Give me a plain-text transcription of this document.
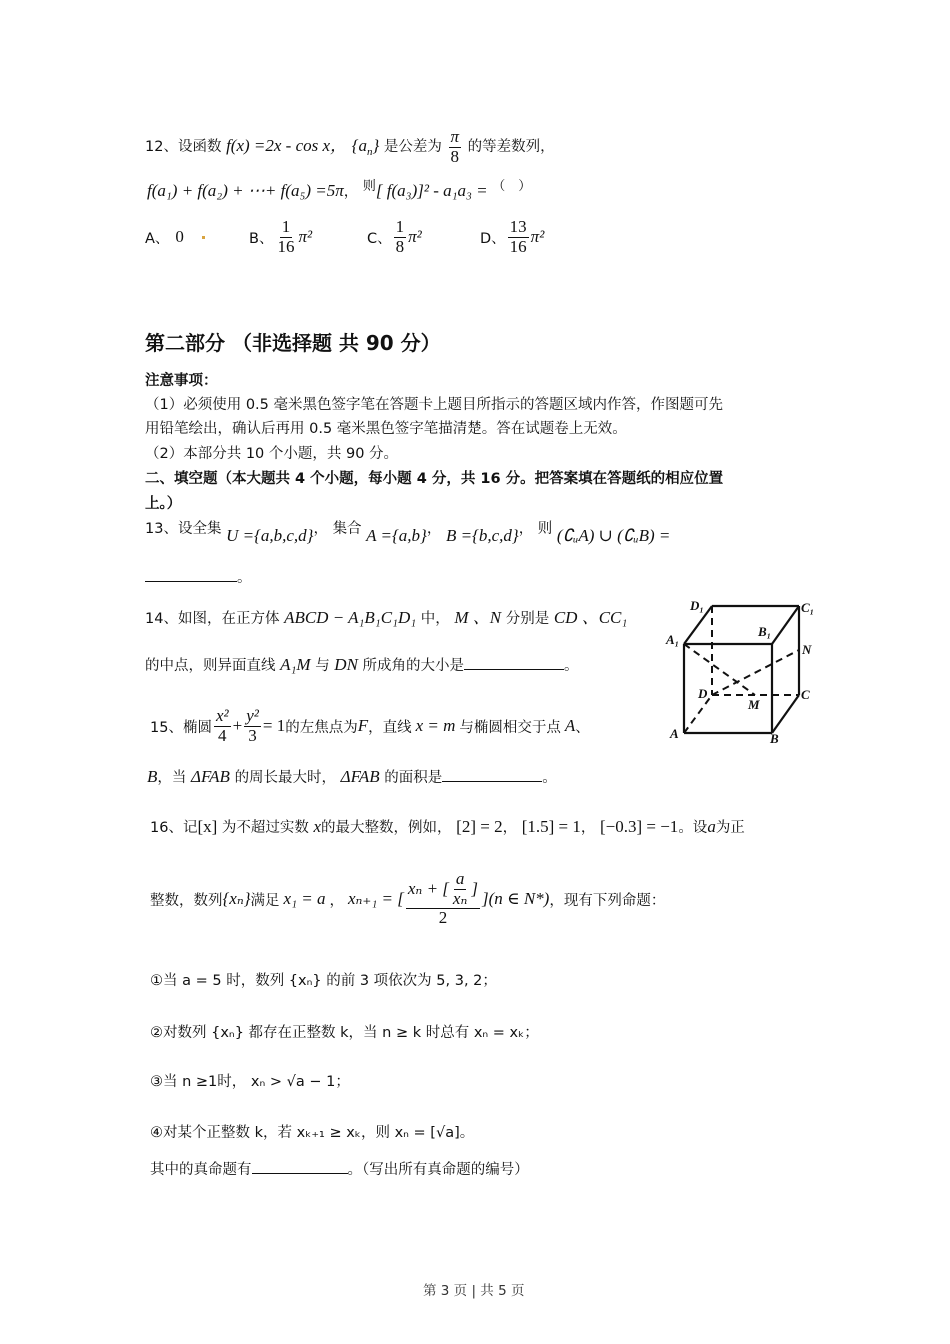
12、设函数 f(x) =2x - cos x， $\{a_n\}$ 是公差为 $\frac{\pi}{8}$ 的等差数列，
f(a₁) + f(a₂) + ⋯+ f(a₅) =5π， 则[ f(a₃)]² - a₁a₃ = （　）
A、 0	B、 $\frac{1}{16} \pi^2$	C、 $\frac{1}{8} \pi^2$	D、 $\frac{13}{16} \pi^2$
第二部分 （非选择题 共 90 分）
注意事项：
（1）必须使用 0.5 毫米黑色签字笔在答题卡上题目所指示的答题区域内作答，作图题可先
用铅笔绘出，确认后再用 0.5 毫米黑色签字笔描清楚。答在试题卷上无效。
（2）本部分共 10 个小题，共 90 分。
二、填空题（本大题共 4 个小题，每小题 4 分，共 16 分。把答案填在答题纸的相应位置
上。）
13、设全集 U ={a,b,c,d}， 集合 A ={a,b}， B ={b,c,d}， 则 (∁ᵤA) ∪ (∁ᵤB) =
。
14、如图，在正方体 ABCD − A₁B₁C₁D₁ 中， M 、N 分别是 CD 、CC₁
的中点，则异面直线 A₁M 与 DN 所成角的大小是	。
D₁	C₁
A₁
B₁
N
D	C
M
A	B
15、椭圆 $\frac{\text{x²}}{4} + \frac{\text{y²}}{3} = 1$ 的左焦点为 F ，直线 x = m 与椭圆相交于点 A 、
B，当 ΔFAB 的周长最大时， ΔFAB 的面积是	。
16、记[x] 为不超过实数 x的最大整数，例如， [2] = 2， [1.5] = 1， [−0.3] = −1。设a为正
整数，数列 {xₙ} 满足 x₁ = a ， xₙ₊₁ = [ $\frac{x_n + [ \frac{a}{\text{xₙ}} ]}{2} ](n$ ∈ N*) ，现有下列命题：
①当 a = 5 时，数列 {xₙ} 的前 3 项依次为 5, 3, 2；
②对数列 {xₙ} 都存在正整数 k，当 n ≥ k 时总有 xₙ = xₖ；
③当 n ≥1时， xₙ > √a − 1；
④对某个正整数 k，若 xₖ₊₁ ≥ xₖ，则 xₙ = [√a]。
其中的真命题有	。（写出所有真命题的编号）
第 3 页 | 共 5 页
